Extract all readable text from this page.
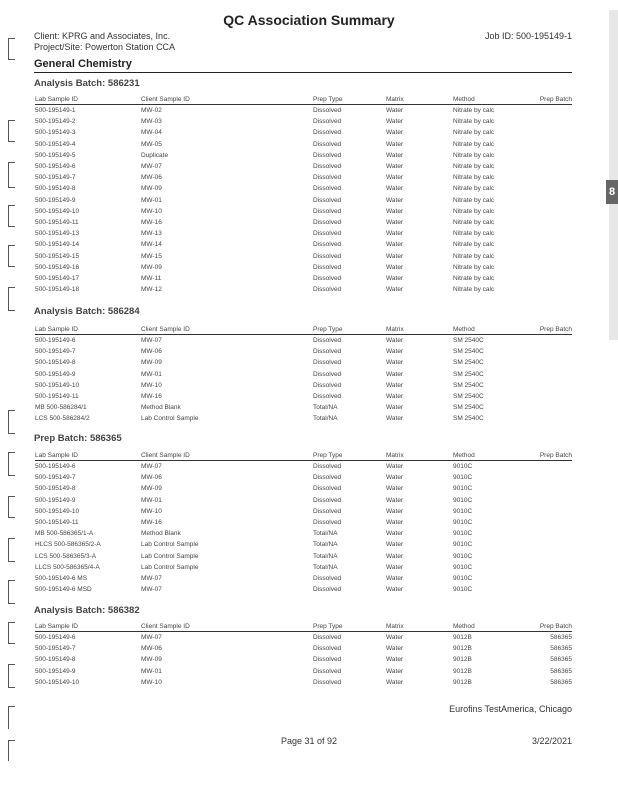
8
QC Association Summary
Client: KPRG and Associates, Inc.
Project/Site: Powerton Station CCA
Job ID: 500-195149-1
General Chemistry
Analysis Batch: 586231
Lab Sample ID	Client Sample ID	Prep Type	Matrix	Method	Prep Batch
500-195149-1	MW-02	Dissolved	Water	Nitrate by calc	
500-195149-2	MW-03	Dissolved	Water	Nitrate by calc	
500-195149-3	MW-04	Dissolved	Water	Nitrate by calc	
500-195149-4	MW-05	Dissolved	Water	Nitrate by calc	
500-195149-5	Duplicate	Dissolved	Water	Nitrate by calc	
500-195149-6	MW-07	Dissolved	Water	Nitrate by calc	
500-195149-7	MW-06	Dissolved	Water	Nitrate by calc	
500-195149-8	MW-09	Dissolved	Water	Nitrate by calc	
500-195149-9	MW-01	Dissolved	Water	Nitrate by calc	
500-195149-10	MW-10	Dissolved	Water	Nitrate by calc	
500-195149-11	MW-16	Dissolved	Water	Nitrate by calc	
500-195149-13	MW-13	Dissolved	Water	Nitrate by calc	
500-195149-14	MW-14	Dissolved	Water	Nitrate by calc	
500-195149-15	MW-15	Dissolved	Water	Nitrate by calc	
500-195149-16	MW-09	Dissolved	Water	Nitrate by calc	
500-195149-17	MW-11	Dissolved	Water	Nitrate by calc	
500-195149-18	MW-12	Dissolved	Water	Nitrate by calc	
Analysis Batch: 586284
Lab Sample ID	Client Sample ID	Prep Type	Matrix	Method	Prep Batch
500-195149-6	MW-07	Dissolved	Water	SM 2540C	
500-195149-7	MW-06	Dissolved	Water	SM 2540C	
500-195149-8	MW-09	Dissolved	Water	SM 2540C	
500-195149-9	MW-01	Dissolved	Water	SM 2540C	
500-195149-10	MW-10	Dissolved	Water	SM 2540C	
500-195149-11	MW-16	Dissolved	Water	SM 2540C	
MB 500-586284/1	Method Blank	Total/NA	Water	SM 2540C	
LCS 500-586284/2	Lab Control Sample	Total/NA	Water	SM 2540C	
Prep Batch: 586365
Lab Sample ID	Client Sample ID	Prep Type	Matrix	Method	Prep Batch
500-195149-6	MW-07	Dissolved	Water	9010C	
500-195149-7	MW-06	Dissolved	Water	9010C	
500-195149-8	MW-09	Dissolved	Water	9010C	
500-195149-9	MW-01	Dissolved	Water	9010C	
500-195149-10	MW-10	Dissolved	Water	9010C	
500-195149-11	MW-16	Dissolved	Water	9010C	
MB 500-586365/1-A	Method Blank	Total/NA	Water	9010C	
HLCS 500-586365/2-A	Lab Control Sample	Total/NA	Water	9010C	
LCS 500-586365/3-A	Lab Control Sample	Total/NA	Water	9010C	
LLCS 500-586365/4-A	Lab Control Sample	Total/NA	Water	9010C	
500-195149-6 MS	MW-07	Dissolved	Water	9010C	
500-195149-6 MSD	MW-07	Dissolved	Water	9010C	
Analysis Batch: 586382
Lab Sample ID	Client Sample ID	Prep Type	Matrix	Method	Prep Batch
500-195149-6	MW-07	Dissolved	Water	9012B	586365
500-195149-7	MW-06	Dissolved	Water	9012B	586365
500-195149-8	MW-09	Dissolved	Water	9012B	586365
500-195149-9	MW-01	Dissolved	Water	9012B	586365
500-195149-10	MW-10	Dissolved	Water	9012B	586365
Eurofins TestAmerica, Chicago
Page 31 of 92	3/22/2021
